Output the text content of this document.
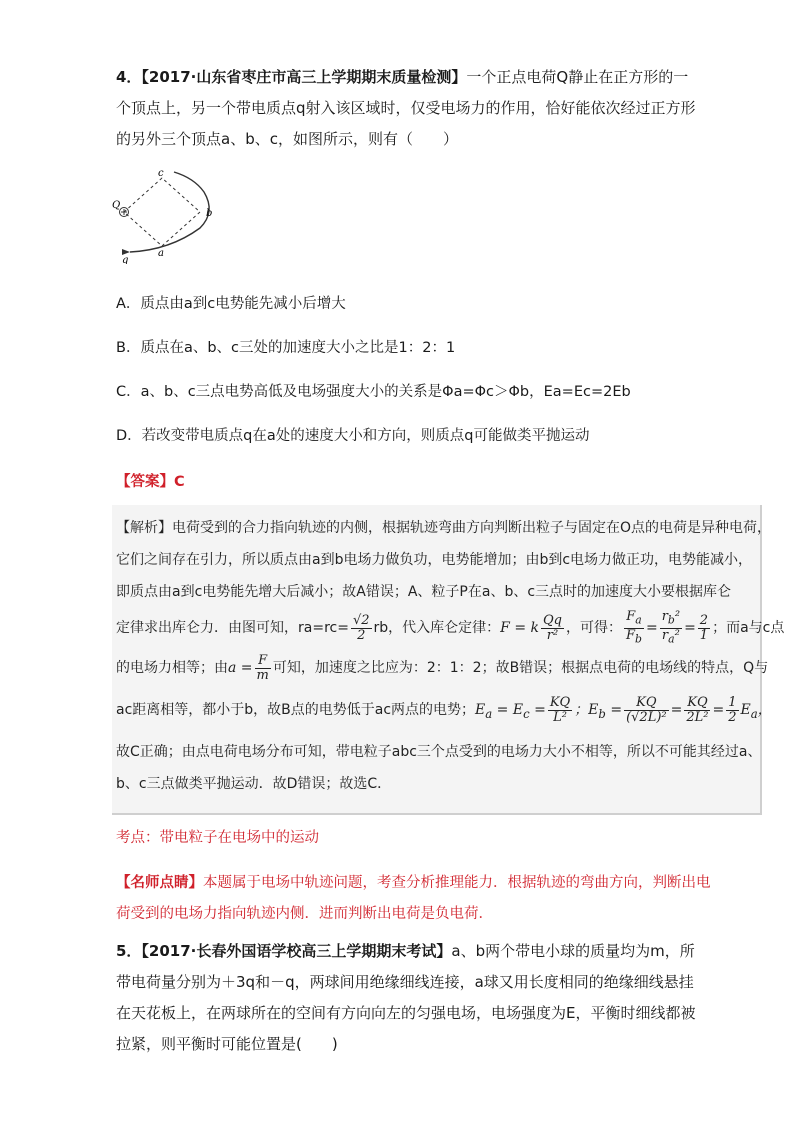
4．【2017·山东省枣庄市高三上学期期末质量检测】一个正点电荷Q静止在正方形的一个顶点上，另一个带电质点q射入该区域时，仅受电场力的作用，恰好能依次经过正方形的另外三个顶点a、b、c，如图所示，则有（　　）
Q
q
a
b
c
A．质点由a到c电势能先减小后增大
B．质点在a、b、c三处的加速度大小之比是1：2：1
C．a、b、c三点电势高低及电场强度大小的关系是Φa=Φc＞Φb，Ea=Ec=2Eb
D．若改变带电质点q在a处的速度大小和方向，则质点q可能做类平抛运动
【答案】C

【解析】电荷受到的合力指向轨迹的内侧，根据轨迹弯曲方向判断出粒子与固定在O点的电荷是异种电荷，

它们之间存在引力，所以质点由a到b电场力做负功，电势能增加；由b到c电场力做正功，电势能减小，

即质点由a到c电势能先增大后减小；故A错误；A、粒子P在a、b、c三点时的加速度大小要根据库仑

定律求出库仑力．由图可知，$ra=rc= \frac{√2}{2}$ rb，代入库仑定律：F = k $\frac{Qq}{\text{r²}}$ ，可得： $\frac{F_a}{F_b} = \frac{r_b^2}{r_a^2} = \frac{2}{1}$ ；而a与c点

的电场力相等；由$a = \frac{F}{m}$ 可知，加速度之比应为：2：1：2；故B错误；根据点电荷的电场线的特点，Q与

ac距离相等，都小于b，故B点的电势低于ac两点的电势；$E_a = E_c = \frac{KQ}{\text{L²}}$ ；$E_b = \frac{KQ}{\text{(√2L)²}} = \frac{KQ}{\text{2L²}} = \frac{1}{2} E_a$，

故C正确；由点电荷电场分布可知，带电粒子abc三个点受到的电场力大小不相等，所以不可能其经过a、

b、c三点做类平抛运动．故D错误；故选C．

考点：带电粒子在电场中的运动
【名师点睛】本题属于电场中轨迹问题，考查分析推理能力．根据轨迹的弯曲方向，判断出电荷受到的电场力指向轨迹内侧．进而判断出电荷是负电荷．
5．【2017·长春外国语学校高三上学期期末考试】a、b两个带电小球的质量均为m，所带电荷量分别为＋3q和－q，两球间用绝缘细线连接，a球又用长度相同的绝缘细线悬挂在天花板上，在两球所在的空间有方向向左的匀强电场，电场强度为E，平衡时细线都被拉紧，则平衡时可能位置是(　　)
